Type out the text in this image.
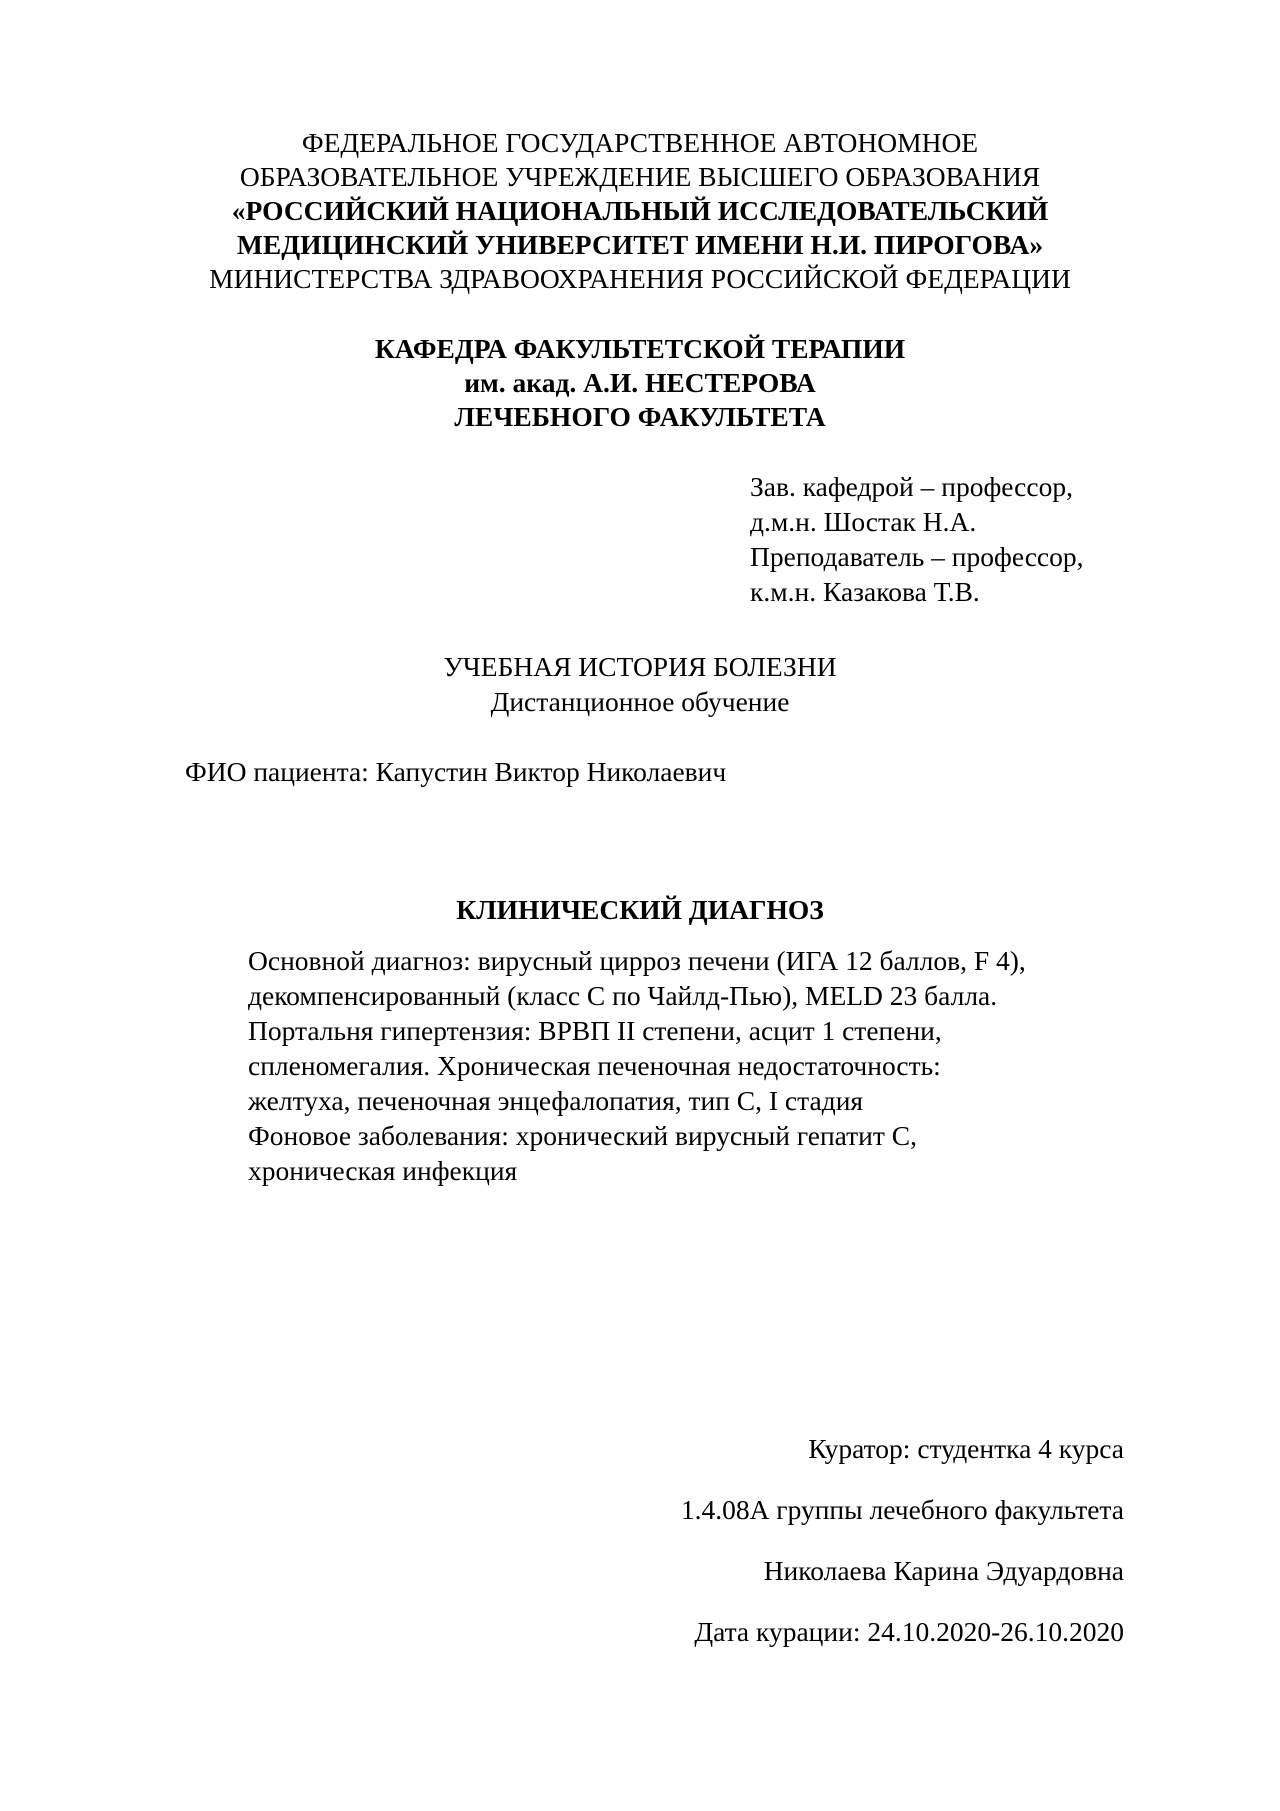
ФЕДЕРАЛЬНОЕ ГОСУДАРСТВЕННОЕ АВТОНОМНОЕ
ОБРАЗОВАТЕЛЬНОЕ УЧРЕЖДЕНИЕ ВЫСШЕГО ОБРАЗОВАНИЯ
«РОССИЙСКИЙ НАЦИОНАЛЬНЫЙ ИССЛЕДОВАТЕЛЬСКИЙ
МЕДИЦИНСКИЙ УНИВЕРСИТЕТ ИМЕНИ Н.И. ПИРОГОВА»
МИНИСТЕРСТВА ЗДРАВООХРАНЕНИЯ РОССИЙСКОЙ ФЕДЕРАЦИИ
КАФЕДРА ФАКУЛЬТЕТСКОЙ ТЕРАПИИ
им. акад. А.И. НЕСТЕРОВА
ЛЕЧЕБНОГО ФАКУЛЬТЕТА
Зав. кафедрой – профессор,
д.м.н. Шостак Н.А.
Преподаватель – профессор,
к.м.н. Казакова Т.В.
УЧЕБНАЯ ИСТОРИЯ БОЛЕЗНИ
Дистанционное обучение
ФИО пациента: Капустин Виктор Николаевич
КЛИНИЧЕСКИЙ ДИАГНОЗ
Основной диагноз: вирусный цирроз печени (ИГА 12 баллов, F 4),
декомпенсированный (класс С по Чайлд-Пью), MELD 23 балла.
Портальня гипертензия: ВРВП II степени, асцит 1 степени,
спленомегалия. Хроническая печеночная недостаточность:
желтуха, печеночная энцефалопатия, тип С, I стадия
Фоновое заболевания: хронический вирусный гепатит С,
хроническая инфекция
Куратор: студентка 4 курса
1.4.08А группы лечебного факультета
Николаева Карина Эдуардовна
Дата курации: 24.10.2020-26.10.2020
